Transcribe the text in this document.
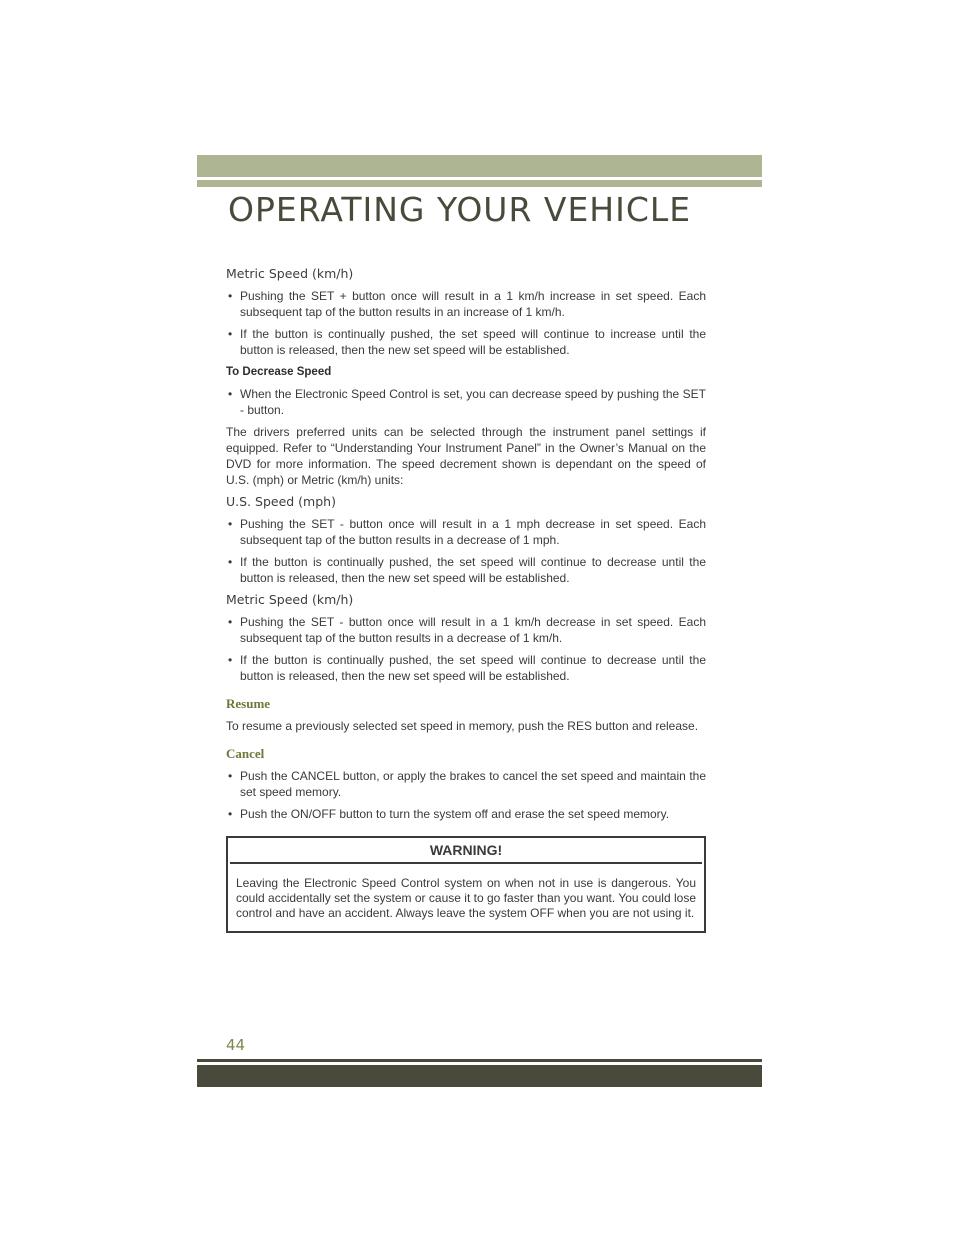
OPERATING YOUR VEHICLE
Metric Speed (km/h)
• Pushing the SET + button once will result in a 1 km/h increase in set speed. Each subsequent tap of the button results in an increase of 1 km/h.
• If the button is continually pushed, the set speed will continue to increase until the button is released, then the new set speed will be established.
To Decrease Speed
• When the Electronic Speed Control is set, you can decrease speed by pushing the SET - button.

The drivers preferred units can be selected through the instrument panel settings if equipped. Refer to “Understanding Your Instrument Panel” in the Owner’s Manual on the DVD for more information. The speed decrement shown is dependant on the speed of U.S. (mph) or Metric (km/h) units:

U.S. Speed (mph)
• Pushing the SET - button once will result in a 1 mph decrease in set speed. Each subsequent tap of the button results in a decrease of 1 mph.
• If the button is continually pushed, the set speed will continue to decrease until the button is released, then the new set speed will be established.
Metric Speed (km/h)
• Pushing the SET - button once will result in a 1 km/h decrease in set speed. Each subsequent tap of the button results in a decrease of 1 km/h.
• If the button is continually pushed, the set speed will continue to decrease until the button is released, then the new set speed will be established.
Resume

To resume a previously selected set speed in memory, push the RES button and release.

Cancel
• Push the CANCEL button, or apply the brakes to cancel the set speed and maintain the set speed memory.
• Push the ON/OFF button to turn the system off and erase the set speed memory.
WARNING!
Leaving the Electronic Speed Control system on when not in use is dangerous. You could accidentally set the system or cause it to go faster than you want. You could lose control and have an accident. Always leave the system OFF when you are not using it.
44
